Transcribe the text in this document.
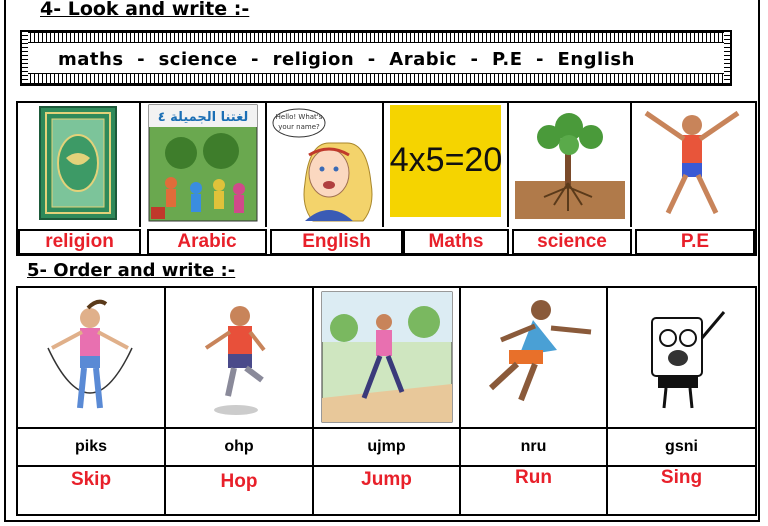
4- Look and write :-
maths  -  science  -  religion  -  Arabic  -  P.E  -  English
لغتنا الجميلة ٤	Hello! What's
your name?
4x5=20
religion	Arabic	English	Maths	science	P.E
5- Order and write :-
piks	ohp	ujmp	nru	gsni
Skip	Hop	Jump	Run	Sing
